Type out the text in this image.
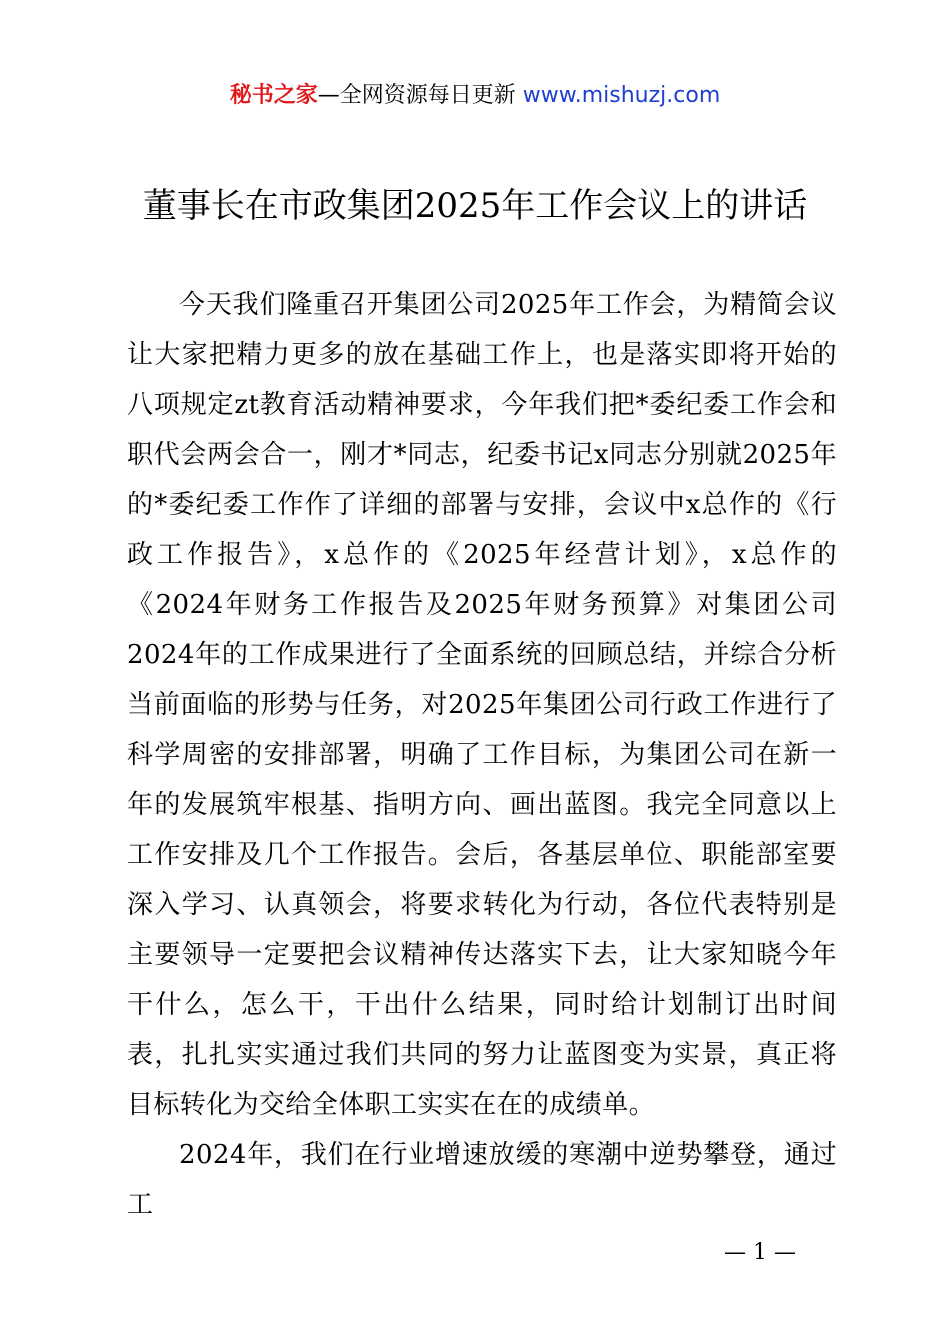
秘书之家—全网资源每日更新 www.mishuzj.com
董事长在市政集团2025年工作会议上的讲话

今天我们隆重召开集团公司2025年工作会，为精简会议让大家把精力更多的放在基础工作上，也是落实即将开始的八项规定zt教育活动精神要求，今年我们把*委纪委工作会和职代会两会合一，刚才*同志，纪委书记x同志分别就2025年的*委纪委工作作了详细的部署与安排，会议中x总作的《行政工作报告》，x总作的《2025年经营计划》，x总作的《2024年财务工作报告及2025年财务预算》对集团公司2024年的工作成果进行了全面系统的回顾总结，并综合分析当前面临的形势与任务，对2025年集团公司行政工作进行了科学周密的安排部署，明确了工作目标，为集团公司在新一年的发展筑牢根基、指明方向、画出蓝图。我完全同意以上工作安排及几个工作报告。会后，各基层单位、职能部室要深入学习、认真领会，将要求转化为行动，各位代表特别是主要领导一定要把会议精神传达落实下去，让大家知晓今年干什么，怎么干，干出什么结果，同时给计划制订出时间表，扎扎实实通过我们共同的努力让蓝图变为实景，真正将目标转化为交给全体职工实实在在的成绩单。

2024年，我们在行业增速放缓的寒潮中逆势攀登，通过工

— 1 —
